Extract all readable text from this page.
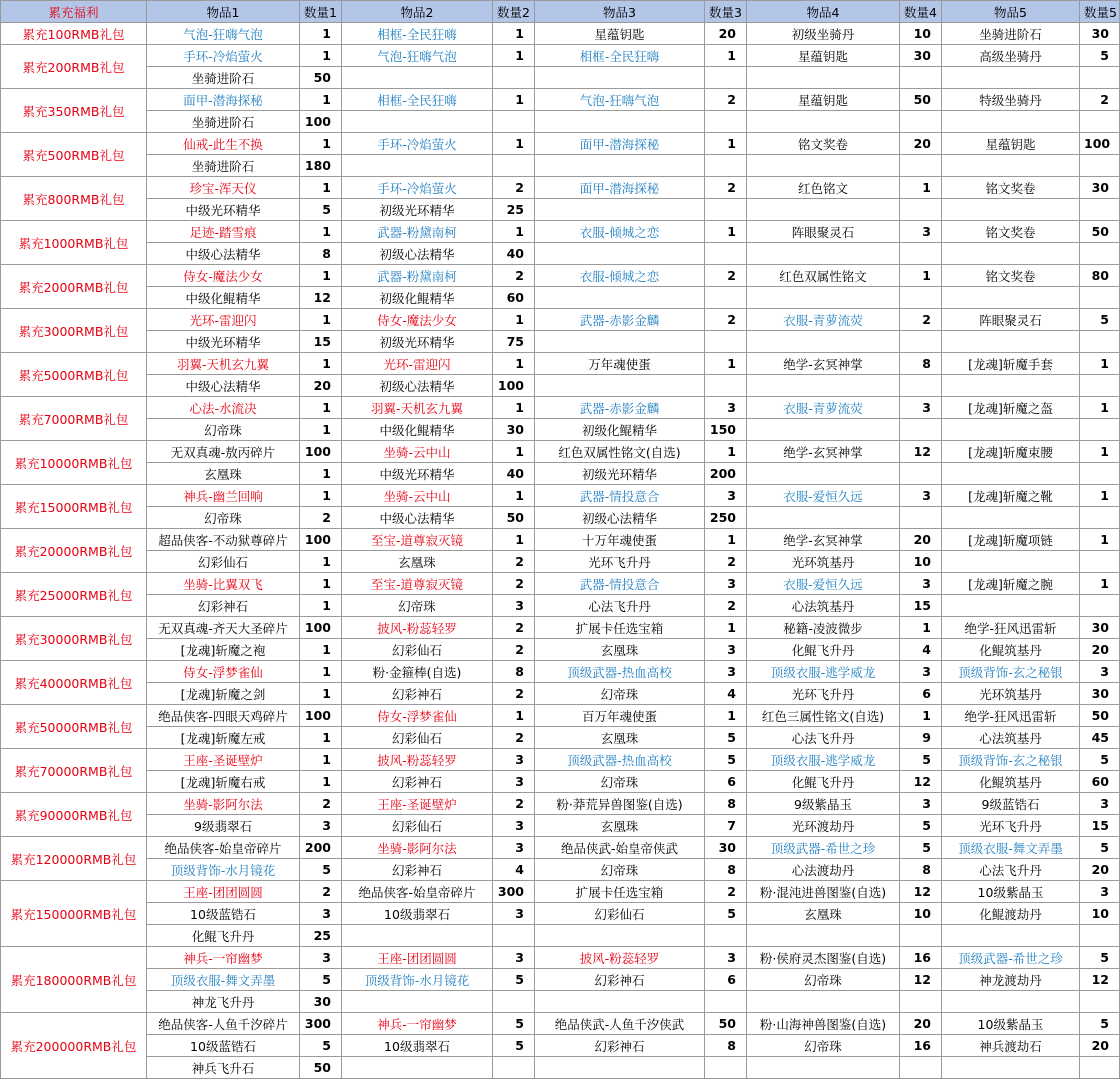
累充福利	物品1	数量1	物品2	数量2	物品3	数量3	物品4	数量4	物品5	数量5
累充100RMB礼包	气泡-狂嗨气泡	1	相框-全民狂嗨	1	星蕴钥匙	20	初级坐骑丹	10	坐骑进阶石	30
累充200RMB礼包	手环-冷焰萤火	1	气泡-狂嗨气泡	1	相框-全民狂嗨	1	星蕴钥匙	30	高级坐骑丹	5
	坐骑进阶石	50								
累充350RMB礼包	面甲-潜海探秘	1	相框-全民狂嗨	1	气泡-狂嗨气泡	2	星蕴钥匙	50	特级坐骑丹	2
	坐骑进阶石	100								
累充500RMB礼包	仙戒-此生不换	1	手环-冷焰萤火	1	面甲-潜海探秘	1	铭文奖卷	20	星蕴钥匙	100
	坐骑进阶石	180								
累充800RMB礼包	珍宝-浑天仪	1	手环-冷焰萤火	2	面甲-潜海探秘	2	红色铭文	1	铭文奖卷	30
	中级光环精华	5	初级光环精华	25						
累充1000RMB礼包	足迹-踏雪痕	1	武器-粉黛南柯	1	衣服-倾城之恋	1	阵眼聚灵石	3	铭文奖卷	50
	中级心法精华	8	初级心法精华	40						
累充2000RMB礼包	侍女-魔法少女	1	武器-粉黛南柯	2	衣服-倾城之恋	2	红色双属性铭文	1	铭文奖卷	80
	中级化鲲精华	12	初级化鲲精华	60						
累充3000RMB礼包	光环-雷迎闪	1	侍女-魔法少女	1	武器-赤影金麟	2	衣服-青萝流荧	2	阵眼聚灵石	5
	中级光环精华	15	初级光环精华	75						
累充5000RMB礼包	羽翼-天机玄九翼	1	光环-雷迎闪	1	万年魂使蛋	1	绝学-玄冥神掌	8	[龙魂]斩魔手套	1
	中级心法精华	20	初级心法精华	100						
累充7000RMB礼包	心法-水流决	1	羽翼-天机玄九翼	1	武器-赤影金麟	3	衣服-青萝流荧	3	[龙魂]斩魔之盔	1
	幻帝珠	1	中级化鲲精华	30	初级化鲲精华	150				
累充10000RMB礼包	无双真魂-敖丙碎片	100	坐骑-云中山	1	红色双属性铭文(自选)	1	绝学-玄冥神掌	12	[龙魂]斩魔束腰	1
	玄凰珠	1	中级光环精华	40	初级光环精华	200				
累充15000RMB礼包	神兵-幽兰回响	1	坐骑-云中山	1	武器-情投意合	3	衣服-爱恒久远	3	[龙魂]斩魔之靴	1
	幻帝珠	2	中级心法精华	50	初级心法精华	250				
累充20000RMB礼包	超品侠客-不动狱尊碎片	100	至宝-道尊寂灭镜	1	十万年魂使蛋	1	绝学-玄冥神掌	20	[龙魂]斩魔项链	1
	幻彩仙石	1	玄凰珠	2	光环飞升丹	2	光环筑基丹	10		
累充25000RMB礼包	坐骑-比翼双飞	1	至宝-道尊寂灭镜	2	武器-情投意合	3	衣服-爱恒久远	3	[龙魂]斩魔之腕	1
	幻彩神石	1	幻帝珠	3	心法飞升丹	2	心法筑基丹	15		
累充30000RMB礼包	无双真魂-齐天大圣碎片	100	披风-粉蕊轻罗	2	扩展卡任选宝箱	1	秘籍-凌波微步	1	绝学-狂风迅雷斩	30
	[龙魂]斩魔之袍	1	幻彩仙石	2	玄凰珠	3	化鲲飞升丹	4	化鲲筑基丹	20
累充40000RMB礼包	侍女-浮梦雀仙	1	粉·金箍棒(自选)	8	顶级武器-热血高校	3	顶级衣服-逃学威龙	3	顶级背饰-玄之秘银	3
	[龙魂]斩魔之剑	1	幻彩神石	2	幻帝珠	4	光环飞升丹	6	光环筑基丹	30
累充50000RMB礼包	绝品侠客-四眼天鸡碎片	100	侍女-浮梦雀仙	1	百万年魂使蛋	1	红色三属性铭文(自选)	1	绝学-狂风迅雷斩	50
	[龙魂]斩魔左戒	1	幻彩仙石	2	玄凰珠	5	心法飞升丹	9	心法筑基丹	45
累充70000RMB礼包	王座-圣诞壁炉	1	披风-粉蕊轻罗	3	顶级武器-热血高校	5	顶级衣服-逃学威龙	5	顶级背饰-玄之秘银	5
	[龙魂]斩魔右戒	1	幻彩神石	3	幻帝珠	6	化鲲飞升丹	12	化鲲筑基丹	60
累充90000RMB礼包	坐骑-影阿尔法	2	王座-圣诞壁炉	2	粉·莽荒异兽图鉴(自选)	8	9级紫晶玉	3	9级蓝锆石	3
	9级翡翠石	3	幻彩仙石	3	玄凰珠	7	光环渡劫丹	5	光环飞升丹	15
累充120000RMB礼包	绝品侠客-始皇帝碎片	200	坐骑-影阿尔法	3	绝品侠武-始皇帝侠武	30	顶级武器-希世之珍	5	顶级衣服-舞文弄墨	5
	顶级背饰-水月镜花	5	幻彩神石	4	幻帝珠	8	心法渡劫丹	8	心法飞升丹	20
累充150000RMB礼包	王座-团团圆圆	2	绝品侠客-始皇帝碎片	300	扩展卡任选宝箱	2	粉·混沌进兽图鉴(自选)	12	10级紫晶玉	3
	10级蓝锆石	3	10级翡翠石	3	幻彩仙石	5	玄凰珠	10	化鲲渡劫丹	10
	化鲲飞升丹	25								
累充180000RMB礼包	神兵-一帘幽梦	3	王座-团团圆圆	3	披风-粉蕊轻罗	3	粉·侯府灵杰图鉴(自选)	16	顶级武器-希世之珍	5
	顶级衣服-舞文弄墨	5	顶级背饰-水月镜花	5	幻彩神石	6	幻帝珠	12	神龙渡劫丹	12
	神龙飞升丹	30								
累充200000RMB礼包	绝品侠客-人鱼千汐碎片	300	神兵-一帘幽梦	5	绝品侠武-人鱼千汐侠武	50	粉·山海神兽图鉴(自选)	20	10级紫晶玉	5
	10级蓝锆石	5	10级翡翠石	5	幻彩神石	8	幻帝珠	16	神兵渡劫石	20
	神兵飞升石	50								
